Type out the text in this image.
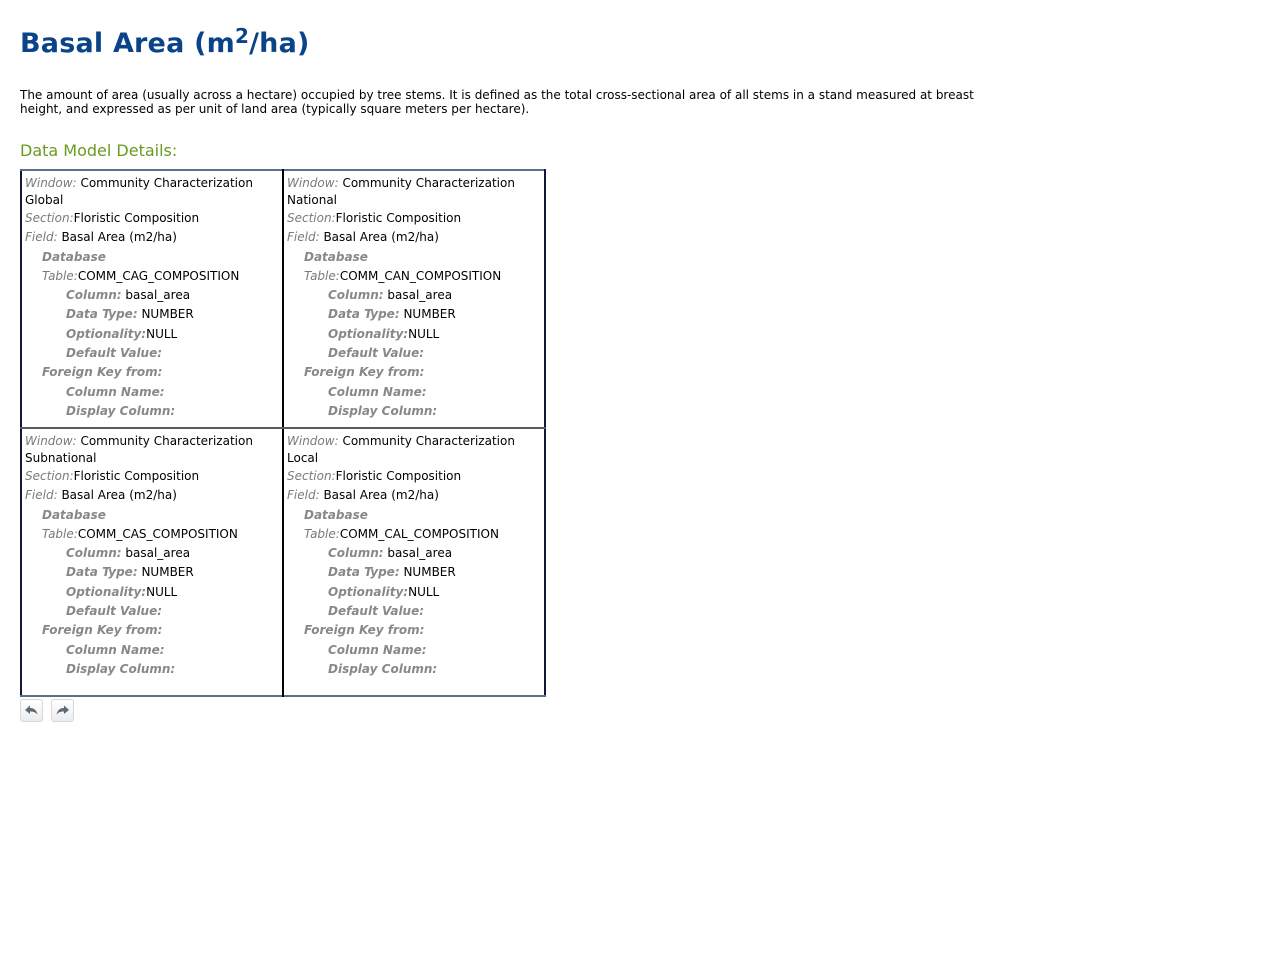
Basal Area $(m^2/ha)$
The amount of area (usually across a hectare) occupied by tree stems. It is defined as the total cross-sectional area of all stems in a stand measured at breast height, and expressed as per unit of land area (typically square meters per hectare).
Data Model Details:
Window: Community Characterization Global
Section:Floristic Composition
Field: Basal Area (m2/ha)
Database
Table:COMM_CAG_COMPOSITION
Column: basal_area
Data Type: NUMBER
Optionality:NULL
Default Value:
Foreign Key from:
Column Name:
Display Column:

Window: Community Characterization National
Section:Floristic Composition
Field: Basal Area (m2/ha)
Database
Table:COMM_CAN_COMPOSITION
Column: basal_area
Data Type: NUMBER
Optionality:NULL
Default Value:
Foreign Key from:
Column Name:
Display Column:

Window: Community Characterization Subnational
Section:Floristic Composition
Field: Basal Area (m2/ha)
Database
Table:COMM_CAS_COMPOSITION
Column: basal_area
Data Type: NUMBER
Optionality:NULL
Default Value:
Foreign Key from:
Column Name:
Display Column:

Window: Community Characterization Local
Section:Floristic Composition
Field: Basal Area (m2/ha)
Database
Table:COMM_CAL_COMPOSITION
Column: basal_area
Data Type: NUMBER
Optionality:NULL
Default Value:
Foreign Key from:
Column Name:
Display Column:
